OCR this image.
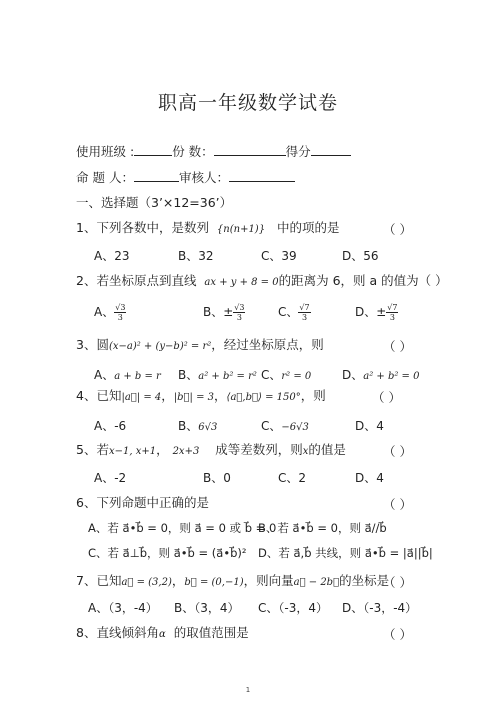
职高一年级数学试卷
使用班级 :	份 数：	得分
命 题 人：	审核人：
一、选择题（3’×12=36’）
1、下列各数中，是数列 {n(n+1)} 中的项的是	（ ）
A、23	B、32	C、39	D、56
2、若坐标原点到直线 ax + y + 8 = 0的距离为 6，则 a 的值为（ ）
A、 $\frac{√3}{3}$	B、± $\frac{√3}{3}$	C、 $\frac{√7}{3}$	D、± $\frac{√7}{3}$
3、圆(x−a)² + (y−b)² = r²，经过坐标原点，则	（ ）
A、a + b = r B、a² + b² = r² C、r² = 0	D、a² + b² = 0
4、已知|a⃗| = 4，|b⃗| = 3，⟨a⃗,b⃗⟩ = 150°，则	（ ）
A、-6	B、6√3	C、−6√3	D、4
5、若x−1, x+1， 2x+3 成等差数列，则x的值是	（ ）
A、-2	B、0	C、2	D、4
6、下列命题中正确的是	（ ）
A、若 a⃗•b⃗ = 0，则 a⃗ = 0 或 b⃗ = 0
B、若 a⃗•b⃗ = 0，则 a⃗//b⃗
C、若 a⃗⊥b⃗，则 a⃗•b⃗ = (a⃗•b⃗)² D、若 a⃗,b⃗ 共线，则 a⃗•b⃗ = |a⃗||b⃗|
7、已知a⃗ = (3,2)，b⃗ = (0,−1)，则向量a⃗ − 2b⃗的坐标是
（ ）
A、（3，-4） B、（3，4） C、（-3，4） D、（-3，-4）
8、直线倾斜角α 的取值范围是	（ ）
1
